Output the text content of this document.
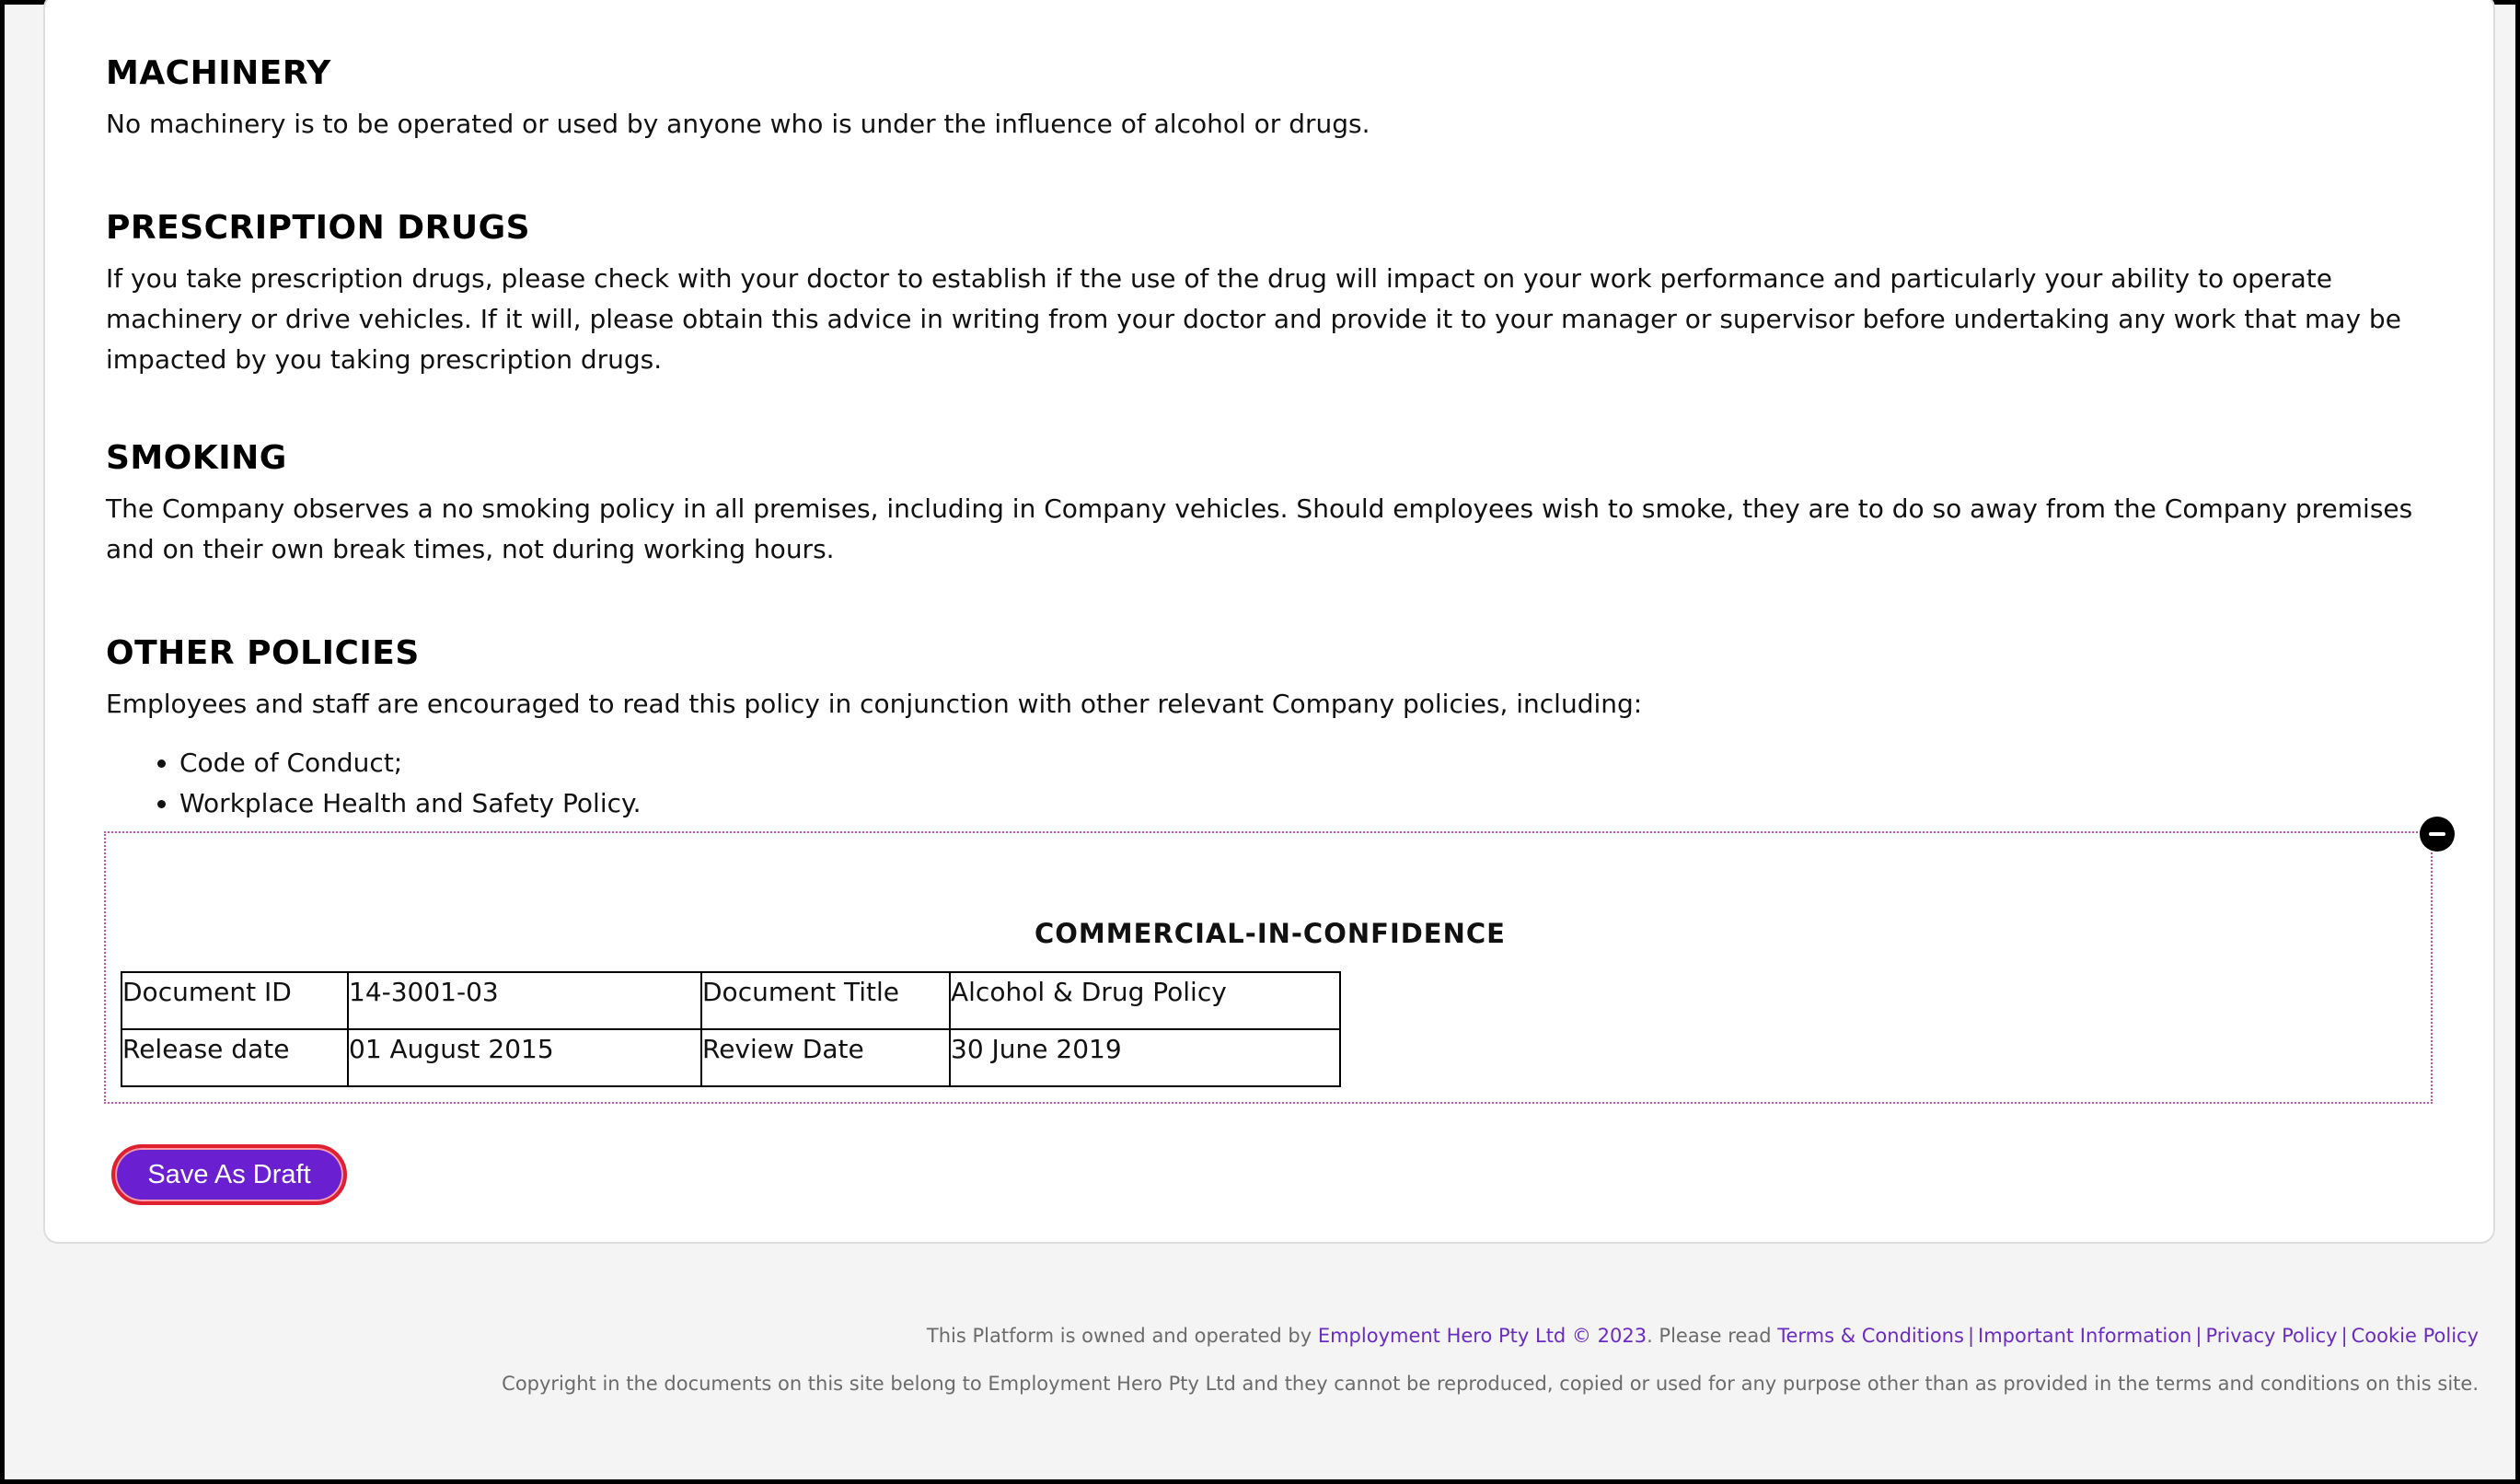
MACHINERY

No machinery is to be operated or used by anyone who is under the influence of alcohol or drugs.

PRESCRIPTION DRUGS

If you take prescription drugs, please check with your doctor to establish if the use of the drug will impact on your work performance and particularly your ability to operate machinery or drive vehicles. If it will, please obtain this advice in writing from your doctor and provide it to your manager or supervisor before undertaking any work that may be impacted by you taking prescription drugs.

SMOKING

The Company observes a no smoking policy in all premises, including in Company vehicles. Should employees wish to smoke, they are to do so away from the Company premises and on their own break times, not during working hours.

OTHER POLICIES

Employees and staff are encouraged to read this policy in conjunction with other relevant Company policies, including:

• Code of Conduct;
• Workplace Health and Safety Policy.
COMMERCIAL-IN-CONFIDENCE
Document ID	14-3001-03	Document Title	Alcohol & Drug Policy
Release date	01 August 2015	Review Date	30 June 2019
Save As Draft
This Platform is owned and operated by Employment Hero Pty Ltd © 2023. Please read Terms & Conditions | Important Information | Privacy Policy | Cookie Policy
Copyright in the documents on this site belong to Employment Hero Pty Ltd and they cannot be reproduced, copied or used for any purpose other than as provided in the terms and conditions on this site.
